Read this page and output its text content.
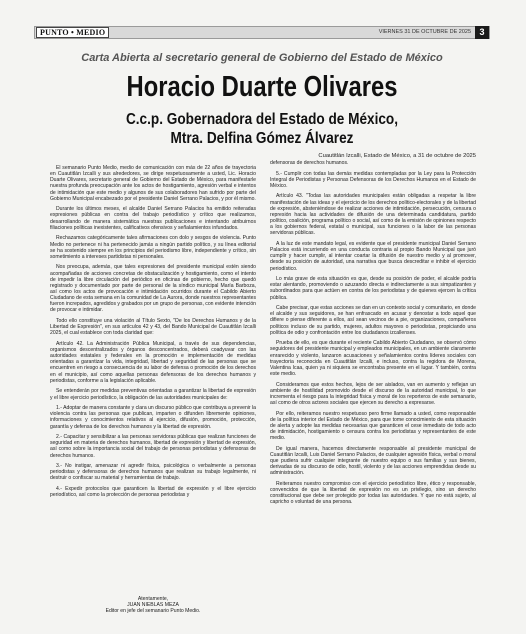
PUNTO • MEDIO	VIERNES 31 DE OCTUBRE DE 2025 3
Carta Abierta al secretario general de Gobierno del Estado de México
Horacio Duarte Olivares
C.c.p. Gobernadora del Estado de México,
Mtra. Delfina Gómez Álvarez

Cuautitlán Izcalli, Estado de México, a 31 de octubre de 2025

El semanario Punto Medio, medio de comunicación con más de 22 años de trayectoria en Cuautitlán Izcalli y sus alrededores, se dirige respetuosamente a usted, Lic. Horacio Duarte Olivares, secretario general de Gobierno del Estado de México, para manifestarle nuestra profunda preocupación ante los actos de hostigamiento, agresión verbal e intentos de intimidación que este medio y algunos de sus colaboradores han sufrido por parte del Gobierno Municipal encabezado por el presidente Daniel Serrano Palacios, y por él mismo.

Durante los últimos meses, el alcalde Daniel Serrano Palacios ha emitido reiteradas expresiones públicas en contra del trabajo periodístico y crítico que realizamos, desarrollando de manera sistemática nuestras publicaciones e intentando atribuirnos filiaciones políticas inexistentes, calificativos ofensivos y señalamientos infundados.

Rechazamos categóricamente tales afirmaciones con dolo y sesgos de violencia. Punto Medio no pertenece ni ha pertenecido jamás a ningún partido político, y su línea editorial se ha sostenido siempre en los principios del periodismo libre, independiente y crítico, sin sometimiento a intereses partidistas ni personales.

Nos preocupa, además, que tales expresiones del presidente municipal estén siendo acompañadas de acciones concretas de obstaculización y hostigamiento, como el intento de impedir la libre circulación del periódico en oficinas de gobierno, hecho que quedó registrado y documentado por parte de personal de la síndico municipal María Barboza, así como los actos de provocación e intimidación ocurridos durante el Cabildo Abierto Ciudadano de esta semana en la comunidad de La Aurora, donde nuestros representantes fueron increpados, agredidos y grabados por un grupo de personas, con evidente intención de provocar e intimidar.

Todo ello constituye una violación al Título Sexto, "De los Derechos Humanos y de la Libertad de Expresión", en sus artículos 42 y 43, del Bando Municipal de Cuautitlán Izcalli 2025, el cual establece con toda claridad que:

Artículo 42. La Administración Pública Municipal, a través de sus dependencias, organismos descentralizados y órganos desconcentrados, deberá coadyuvar con las autoridades estatales y federales en la promoción e implementación de medidas orientadas a garantizar la vida, integridad, libertad y seguridad de las personas que se encuentren en riesgo a consecuencia de su labor de defensa o promoción de los derechos en el municipio, así como aquellas personas defensoras de los derechos humanos y periodistas, conforme a la legislación aplicable.

Se entenderán por medidas preventivas orientadas a garantizar la libertad de expresión y el libre ejercicio periodístico, la obligación de las autoridades municipales de:

1.- Adoptar de manera constante y clara un discurso público que contribuya a prevenir la violencia contra las personas que publican, imparten o difunden libremente opiniones, informaciones y conocimientos relativos al ejercicio, difusión, promoción, protección, garantía y defensa de los derechos humanos y la libertad de expresión.

2.- Capacitar y sensibilizar a las personas servidoras públicas que realizan funciones de seguridad en materia de derechos humanos, libertad de expresión y libertad de expresión, así como sobre la importancia social del trabajo de personas periodistas y defensoras de derechos humanos.

3.- No instigar, amenazar ni agredir física, psicológica o verbalmente a personas periodistas y defensoras de derechos humanos que realizan su trabajo legalmente, ni destruir o confiscar su material y herramientas de trabajo.

4.- Expedir protocolos que garanticen la libertad de expresión y el libre ejercicio periodístico, así como la protección de personas periodistas y

defensoras de derechos humanos.

5.- Cumplir con todas las demás medidas contempladas por la Ley para la Protección Integral de Periodistas y Personas Defensoras de los Derechos Humanos en el Estado de México.

Artículo 43. "Todas las autoridades municipales están obligadas a respetar la libre manifestación de las ideas y el ejercicio de los derechos político-electorales y de la libertad de expresión, absteniéndose de realizar acciones de intimidación, persecución, censura o represión hacia las actividades de difusión de una determinada candidatura, partido político, coalición, programa político o social, así como de la emisión de opiniones respecto a los gobiernos federal, estatal o municipal, sus funciones o la labor de las personas servidoras públicas.

A la luz de este mandato legal, es evidente que el presidente municipal Daniel Serrano Palacios está incurriendo en una conducta contraria al propio Bando Municipal que juró cumplir y hacer cumplir, al intentar coartar la difusión de nuestro medio y al promover, desde su posición de autoridad, una narrativa que busca descreditar e inhibir el ejercicio periodístico.

Lo más grave de esta situación es que, desde su posición de poder, el alcalde podría estar alentando, promoviendo o azuzando directa e indirectamente a sus simpatizantes y subordinados para que actúen en contra de los periodistas y de quienes ejercen la crítica pública.

Cabe precisar, que estas acciones se dan en un contexto social y comunitario, en donde el alcalde y sus seguidores, se han enfrascado en acusar y denostar a todo aquel que difiere o piense diferente a ellos, así sean vecinos de a pie, organizaciones, compañeros políticos incluso de su partido, mujeres, adultos mayores o periodistas, propiciando una política de odio y confrontación entre los ciudadanos izcallenses.

Prueba de ello, es que durante el reciente Cabildo Abierto Ciudadano, se observó cómo seguidores del presidente municipal y empleados municipales, en un ambiente claramente enrarecido y violento, lanzaron acusaciones y señalamientos contra líderes sociales con trayectoria reconocida en Cuautitlán Izcalli, e incluso, contra la regidora de Morena, Valentina Icaa, quien ya ni siquiera se encontraba presente en el lugar. Y también, contra este medio.

Consideramos que estos hechos, lejos de ser aislados, van en aumento y reflejan un ambiente de hostilidad promovido desde el discurso de la autoridad municipal, lo que incrementa el riesgo para la integridad física y moral de los reporteros de este semanario, así como de otros actores sociales que ejercen su derecho a expresarse.

Por ello, reiteramos nuestro respetuoso pero firme llamado a usted, como responsable de la política interior del Estado de México, para que tome conocimiento de esta situación de alerta y adopte las medidas necesarias que garanticen el cese inmediato de todo acto de intimidación, hostigamiento o censura contra los periodistas y representantes de este medio.

De igual manera, hacemos directamente responsable al presidente municipal de Cuautitlán Izcalli, Luis Daniel Serrano Palacios, de cualquier agresión física, verbal o moral que pudiera sufrir cualquier integrante de nuestro equipo o sus familias y sus bienes, derivadas de su discurso de odio, hostil, violento y de las acciones emprendidas desde su administración.

Reiteramos nuestro compromiso con el ejercicio periodístico libre, ético y responsable, convencidos de que la libertad de expresión no es un privilegio, sino un derecho constitucional que debe ser protegido por todas las autoridades. Y que no está sujeto, al capricho o voluntad de una persona.

Atentamente,
JUAN NIEBLAS MEZA
Editor en jefe del semanario Punto Medio.
